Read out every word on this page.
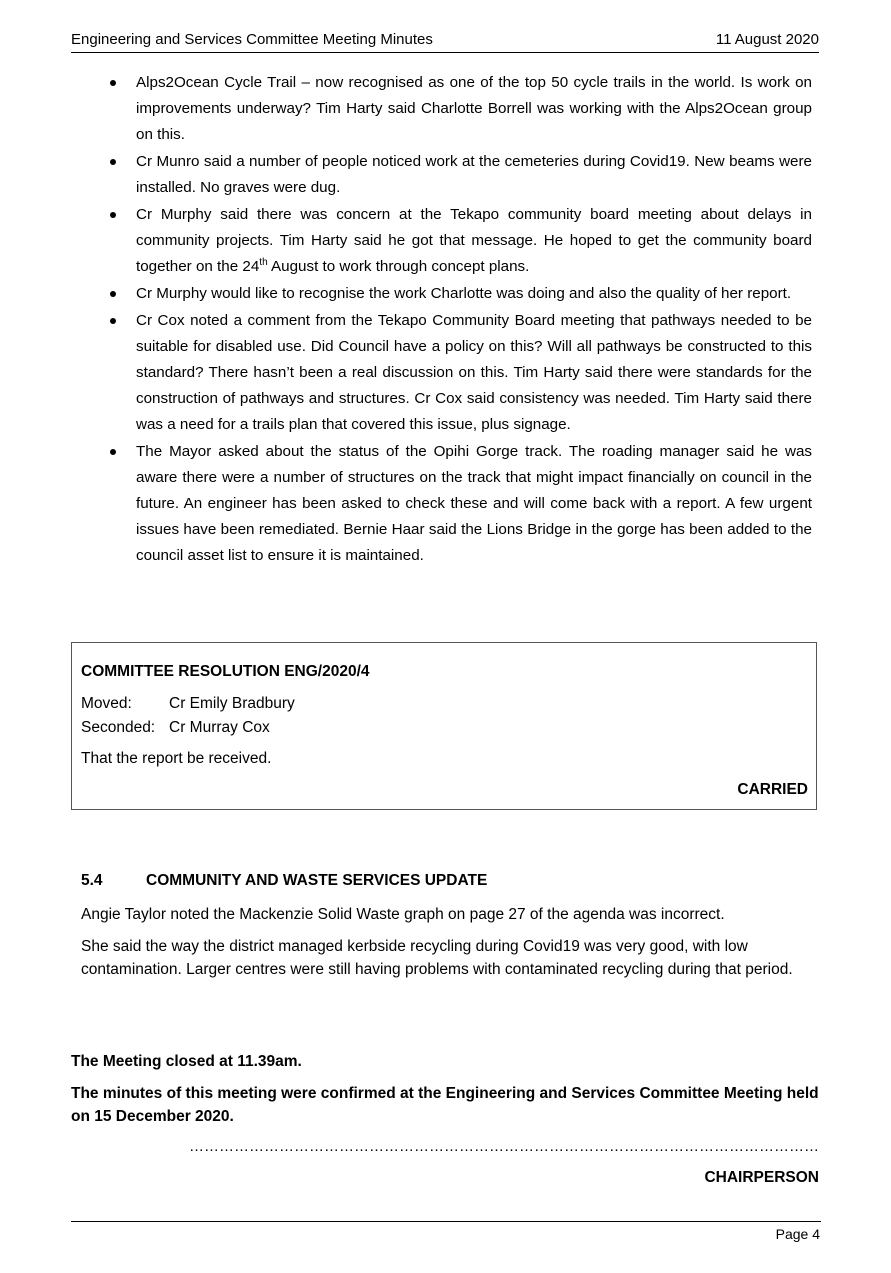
Engineering and Services Committee Meeting Minutes	11 August 2020
Alps2Ocean Cycle Trail – now recognised as one of the top 50 cycle trails in the world. Is work on improvements underway? Tim Harty said Charlotte Borrell was working with the Alps2Ocean group on this.
Cr Munro said a number of people noticed work at the cemeteries during Covid19. New beams were installed. No graves were dug.
Cr Murphy said there was concern at the Tekapo community board meeting about delays in community projects. Tim Harty said he got that message. He hoped to get the community board together on the 24th August to work through concept plans.
Cr Murphy would like to recognise the work Charlotte was doing and also the quality of her report.
Cr Cox noted a comment from the Tekapo Community Board meeting that pathways needed to be suitable for disabled use. Did Council have a policy on this? Will all pathways be constructed to this standard? There hasn’t been a real discussion on this. Tim Harty said there were standards for the construction of pathways and structures. Cr Cox said consistency was needed. Tim Harty said there was a need for a trails plan that covered this issue, plus signage.
The Mayor asked about the status of the Opihi Gorge track. The roading manager said he was aware there were a number of structures on the track that might impact financially on council in the future. An engineer has been asked to check these and will come back with a report. A few urgent issues have been remediated. Bernie Haar said the Lions Bridge in the gorge has been added to the council asset list to ensure it is maintained.
COMMITTEE RESOLUTION ENG/2020/4
Moved:	Cr Emily Bradbury
Seconded: Cr Murray Cox
That the report be received.
CARRIED
5.4	COMMUNITY AND WASTE SERVICES UPDATE
Angie Taylor noted the Mackenzie Solid Waste graph on page 27 of the agenda was incorrect.
She said the way the district managed kerbside recycling during Covid19 was very good, with low contamination. Larger centres were still having problems with contaminated recycling during that period.
The Meeting closed at 11.39am.
The minutes of this meeting were confirmed at the Engineering and Services Committee Meeting held on 15 December 2020.
………………………………………………………………………………………………………………
CHAIRPERSON
Page 4
